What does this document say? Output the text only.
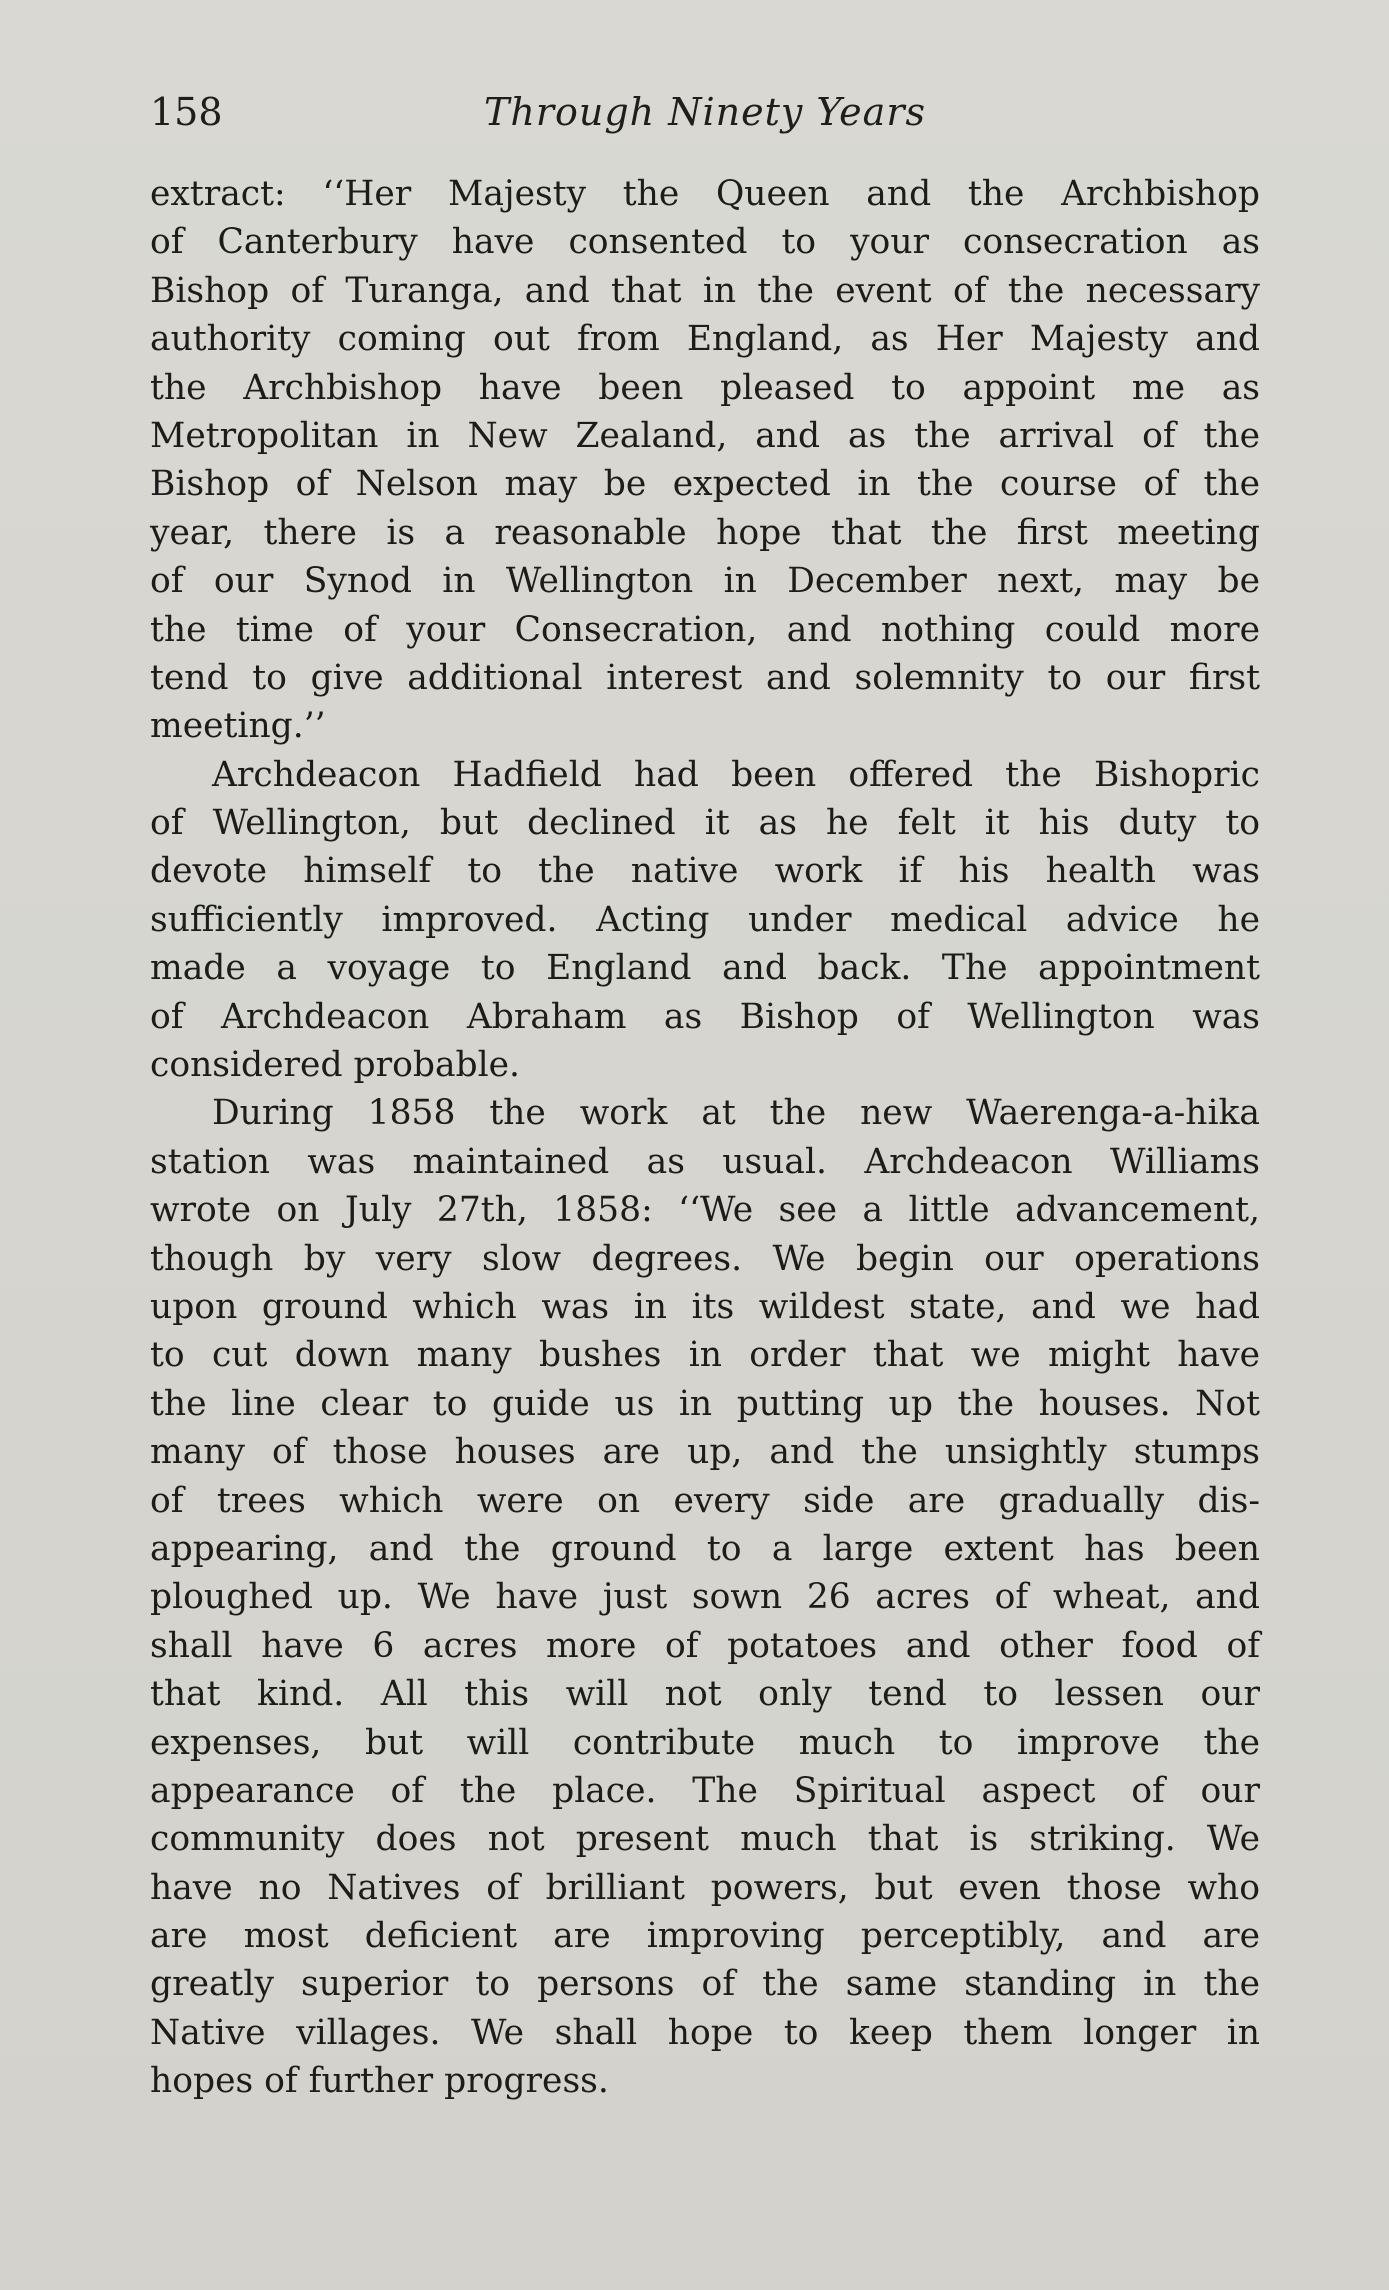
158	Through Ninety Years
extract: ‘‘Her Majesty the Queen and the Archbishop
of Canterbury have consented to your consecration as
Bishop of Turanga, and that in the event of the necessary
authority coming out from England, as Her Majesty and
the Archbishop have been pleased to appoint me as
Metropolitan in New Zealand, and as the arrival of the
Bishop of Nelson may be expected in the course of the
year, there is a reasonable hope that the first meeting
of our Synod in Wellington in December next, may be
the time of your Consecration, and nothing could more
tend to give additional interest and solemnity to our first
meeting.’’
Archdeacon Hadfield had been offered the Bishopric
of Wellington, but declined it as he felt it his duty to
devote himself to the native work if his health was
sufficiently improved. Acting under medical advice he
made a voyage to England and back. The appointment
of Archdeacon Abraham as Bishop of Wellington was
considered probable.
During 1858 the work at the new Waerenga-a-hika
station was maintained as usual. Archdeacon Williams
wrote on July 27th, 1858: ‘‘We see a little advancement,
though by very slow degrees. We begin our operations
upon ground which was in its wildest state, and we had
to cut down many bushes in order that we might have
the line clear to guide us in putting up the houses. Not
many of those houses are up, and the unsightly stumps
of trees which were on every side are gradually dis-
appearing, and the ground to a large extent has been
ploughed up. We have just sown 26 acres of wheat, and
shall have 6 acres more of potatoes and other food of
that kind. All this will not only tend to lessen our
expenses, but will contribute much to improve the
appearance of the place. The Spiritual aspect of our
community does not present much that is striking. We
have no Natives of brilliant powers, but even those who
are most deficient are improving perceptibly, and are
greatly superior to persons of the same standing in the
Native villages. We shall hope to keep them longer in
hopes of further progress.
